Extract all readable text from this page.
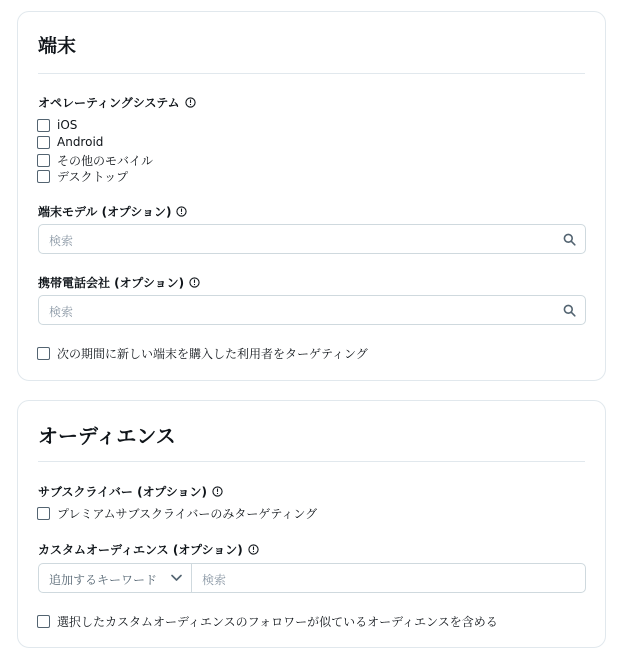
端末
オペレーティングシステム
iOS
Android
その他のモバイル
デスクトップ
端末モデル (オプション)
検索
携帯電話会社 (オプション)
検索
次の期間に新しい端末を購入した利用者をターゲティング
オーディエンス
サブスクライバー (オプション)
プレミアムサブスクライバーのみターゲティング
カスタムオーディエンス (オプション)
追加するキーワード	検索
選択したカスタムオーディエンスのフォロワーが似ているオーディエンスを含める
